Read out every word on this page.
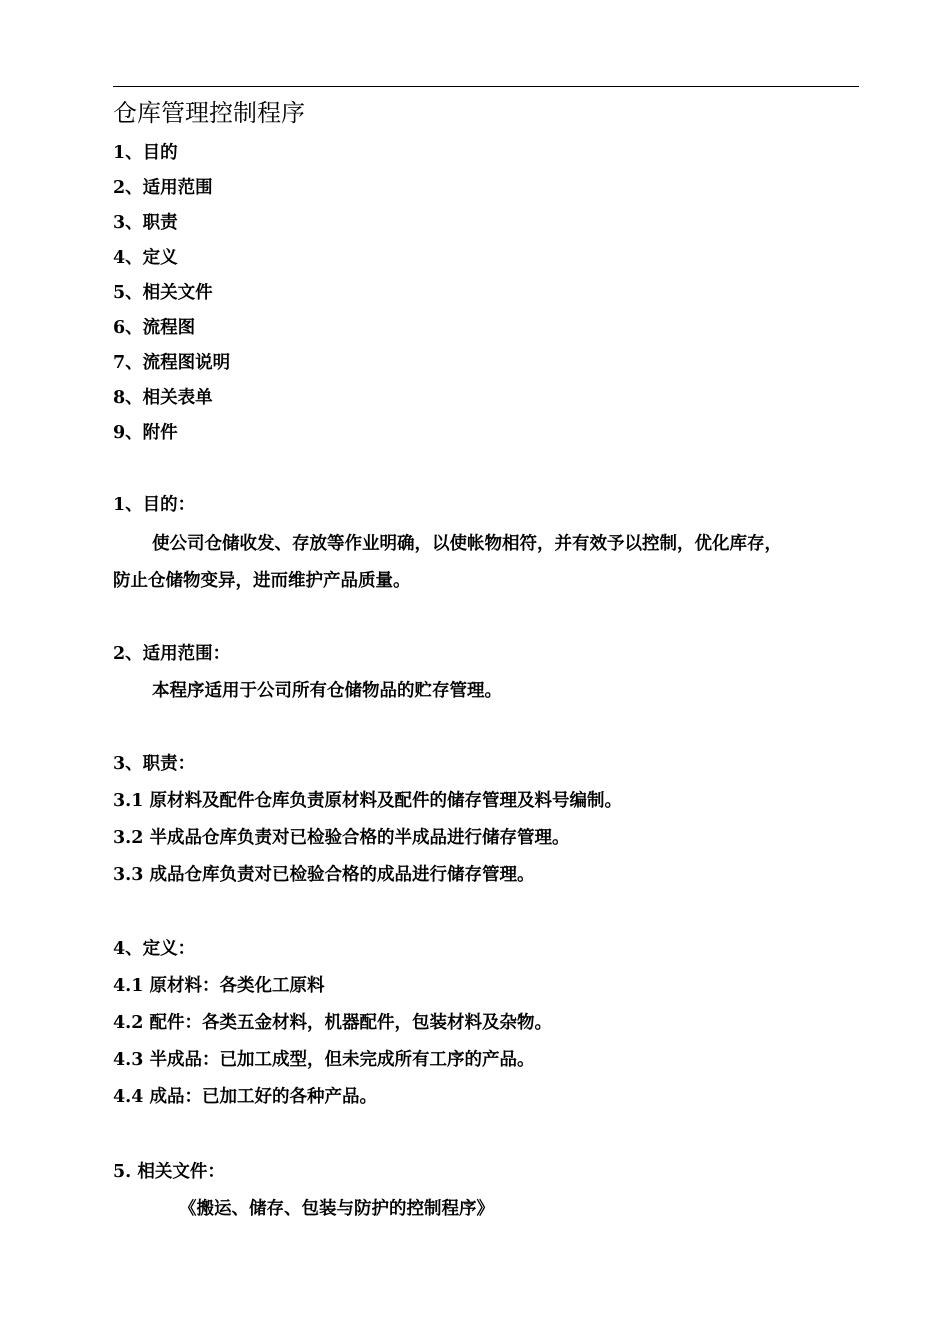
仓库管理控制程序
1、目的
2、适用范围
3、职责
4、定义
5、相关文件
6、流程图
7、流程图说明
8、相关表单
9、附件
1、目的：
使公司仓储收发、存放等作业明确，以使帐物相符，并有效予以控制，优化库存，
防止仓储物变异，进而维护产品质量。
2、适用范围：
本程序适用于公司所有仓储物品的贮存管理。
3、职责：
3.1 原材料及配件仓库负责原材料及配件的储存管理及料号编制。
3.2 半成品仓库负责对已检验合格的半成品进行储存管理。
3.3 成品仓库负责对已检验合格的成品进行储存管理。
4、定义：
4.1 原材料：各类化工原料
4.2 配件：各类五金材料，机器配件，包装材料及杂物。
4.3 半成品：已加工成型，但未完成所有工序的产品。
4.4 成品：已加工好的各种产品。
5. 相关文件：
《搬运、储存、包装与防护的控制程序》
